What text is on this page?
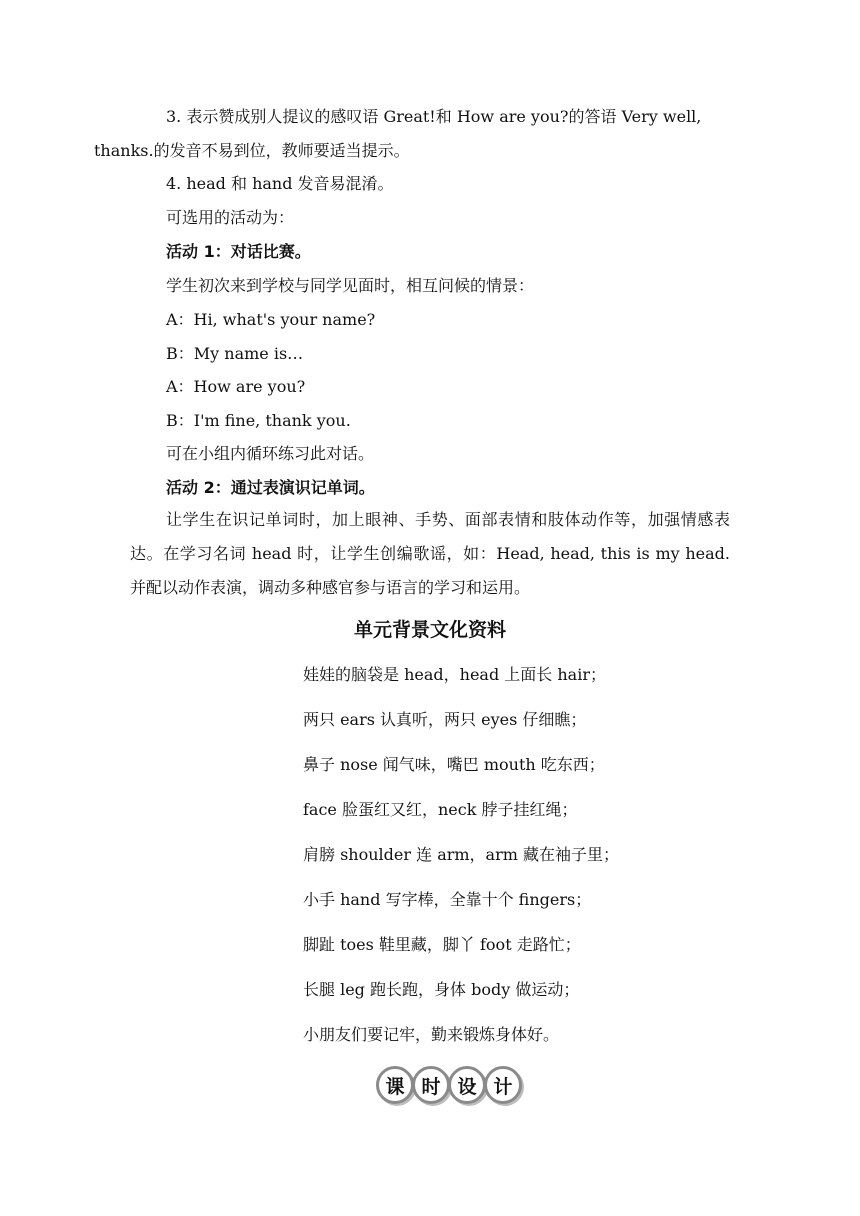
3. 表示赞成别人提议的感叹语 Great!和 How are you?的答语 Very well,
thanks.的发音不易到位，教师要适当提示。

4. head 和 hand 发音易混淆。

可选用的活动为：

活动 1：对话比赛。

学生初次来到学校与同学见面时，相互问候的情景：

A：Hi, what's your name?

B：My name is…

A：How are you?

B：I'm fine, thank you.

可在小组内循环练习此对话。

活动 2：通过表演识记单词。

让学生在识记单词时，加上眼神、手势、面部表情和肢体动作等，加强情感表达。在学习名词 head 时，让学生创编歌谣，如：Head, head, this is my head.并配以动作表演，调动多种感官参与语言的学习和运用。

单元背景文化资料

娃娃的脑袋是 head，head 上面长 hair；

两只 ears 认真听，两只 eyes 仔细瞧；

鼻子 nose 闻气味，嘴巴 mouth 吃东西；

face 脸蛋红又红，neck 脖子挂红绳；

肩膀 shoulder 连 arm，arm 藏在袖子里；

小手 hand 写字棒，全靠十个 fingers；

脚趾 toes 鞋里藏，脚丫 foot 走路忙；

长腿 leg 跑长跑，身体 body 做运动；

小朋友们要记牢，勤来锻炼身体好。

课 时 设 计
